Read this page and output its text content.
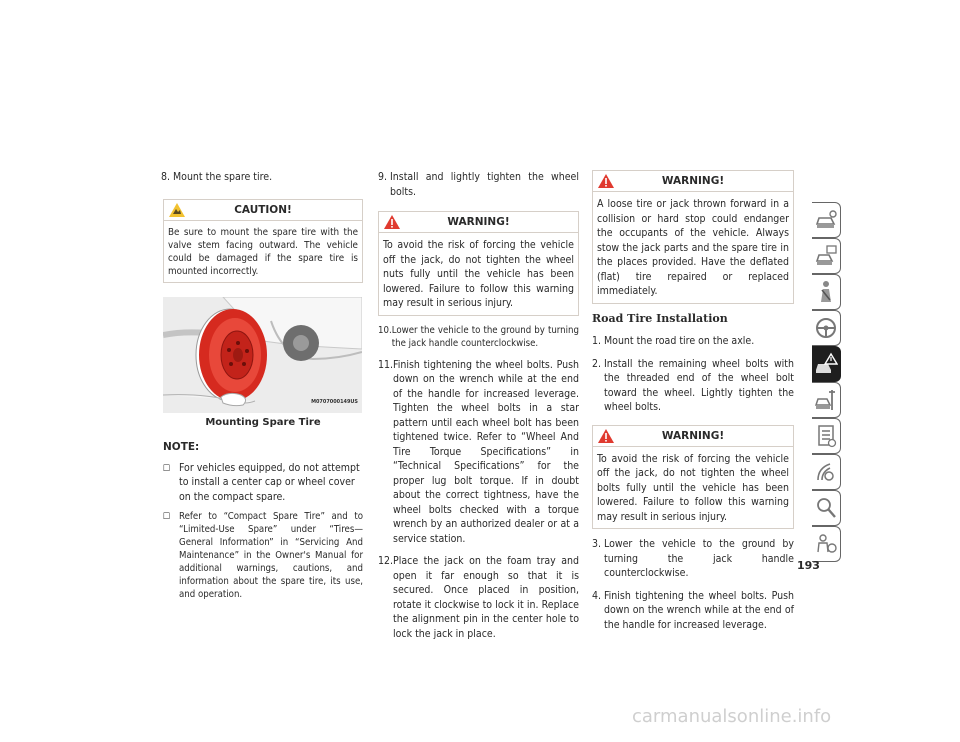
8. Mount the spare tire.

CAUTION!
Be sure to mount the spare tire with the valve stem facing outward. The vehicle could be damaged if the spare tire is mounted incorrectly.
M0707000149US
Mounting Spare Tire
NOTE:
☐ For vehicles equipped, do not attempt to install a center cap or wheel cover on the compact spare.
☐ Refer to “Compact Spare Tire” and to “Limited-Use Spare” under “Tires—General Information” in “Servicing And Maintenance” in the Owner's Manual for additional warnings, cautions, and information about the spare tire, its use, and operation.

9. Install and lightly tighten the wheel bolts.

WARNING!
To avoid the risk of forcing the vehicle off the jack, do not tighten the wheel nuts fully until the vehicle has been lowered. Failure to follow this warning may result in serious injury.

10. Lower the vehicle to the ground by turning the jack handle counterclockwise.

11. Finish tightening the wheel bolts. Push down on the wrench while at the end of the handle for increased leverage. Tighten the wheel bolts in a star pattern until each wheel bolt has been tightened twice. Refer to “Wheel And Tire Torque Specifications” in “Technical Specifications” for the proper lug bolt torque. If in doubt about the correct tightness, have the wheel bolts checked with a torque wrench by an authorized dealer or at a service station.

12. Place the jack on the foam tray and open it far enough so that it is secured. Once placed in position, rotate it clockwise to lock it in. Replace the alignment pin in the center hole to lock the jack in place.

WARNING!
A loose tire or jack thrown forward in a collision or hard stop could endanger the occupants of the vehicle. Always stow the jack parts and the spare tire in the places provided. Have the deflated (flat) tire repaired or replaced immediately.
Road Tire Installation

1. Mount the road tire on the axle.

2. Install the remaining wheel bolts with the threaded end of the wheel bolt toward the wheel. Lightly tighten the wheel bolts.

WARNING!
To avoid the risk of forcing the vehicle off the jack, do not tighten the wheel bolts fully until the vehicle has been lowered. Failure to follow this warning may result in serious injury.

3. Lower the vehicle to the ground by turning the jack handle counterclockwise.

4. Finish tightening the wheel bolts. Push down on the wrench while at the end of the handle for increased leverage.

193
carmanualsonline.info
